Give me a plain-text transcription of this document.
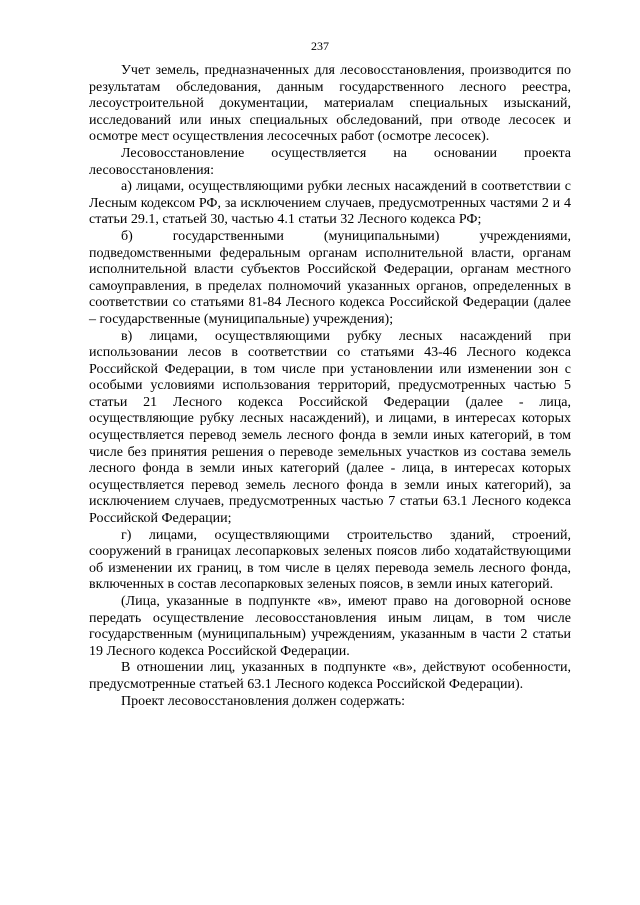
237

Учет земель, предназначенных для лесовосстановления, производится по результатам обследования, данным государственного лесного реестра, лесоустроительной документации, материалам специальных изысканий, исследований или иных специальных обследований, при отводе лесосек и осмотре мест осуществления лесосечных работ (осмотре лесосек).

Лесовосстановление осуществляется на основании проекта лесовосстановления:

а) лицами, осуществляющими рубки лесных насаждений в соответствии с Лесным кодексом РФ, за исключением случаев, предусмотренных частями 2 и 4 статьи 29.1, статьей 30, частью 4.1 статьи 32 Лесного кодекса РФ;

б) государственными (муниципальными) учреждениями, подведомственными федеральным органам исполнительной власти, органам исполнительной власти субъектов Российской Федерации, органам местного самоуправления, в пределах полномочий указанных органов, определенных в соответствии со статьями 81-84 Лесного кодекса Российской Федерации (далее – государственные (муниципальные) учреждения);

в) лицами, осуществляющими рубку лесных насаждений при использовании лесов в соответствии со статьями 43-46 Лесного кодекса Российской Федерации, в том числе при установлении или изменении зон с особыми условиями использования территорий, предусмотренных частью 5 статьи 21 Лесного кодекса Российской Федерации (далее - лица, осуществляющие рубку лесных насаждений), и лицами, в интересах которых осуществляется перевод земель лесного фонда в земли иных категорий, в том числе без принятия решения о переводе земельных участков из состава земель лесного фонда в земли иных категорий (далее - лица, в интересах которых осуществляется перевод земель лесного фонда в земли иных категорий), за исключением случаев, предусмотренных частью 7 статьи 63.1 Лесного кодекса Российской Федерации;

г) лицами, осуществляющими строительство зданий, строений, сооружений в границах лесопарковых зеленых поясов либо ходатайствующими об изменении их границ, в том числе в целях перевода земель лесного фонда, включенных в состав лесопарковых зеленых поясов, в земли иных категорий.

(Лица, указанные в подпункте «в», имеют право на договорной основе передать осуществление лесовосстановления иным лицам, в том числе государственным (муниципальным) учреждениям, указанным в части 2 статьи 19 Лесного кодекса Российской Федерации.

В отношении лиц, указанных в подпункте «в», действуют особенности, предусмотренные статьей 63.1 Лесного кодекса Российской Федерации).

Проект лесовосстановления должен содержать:
